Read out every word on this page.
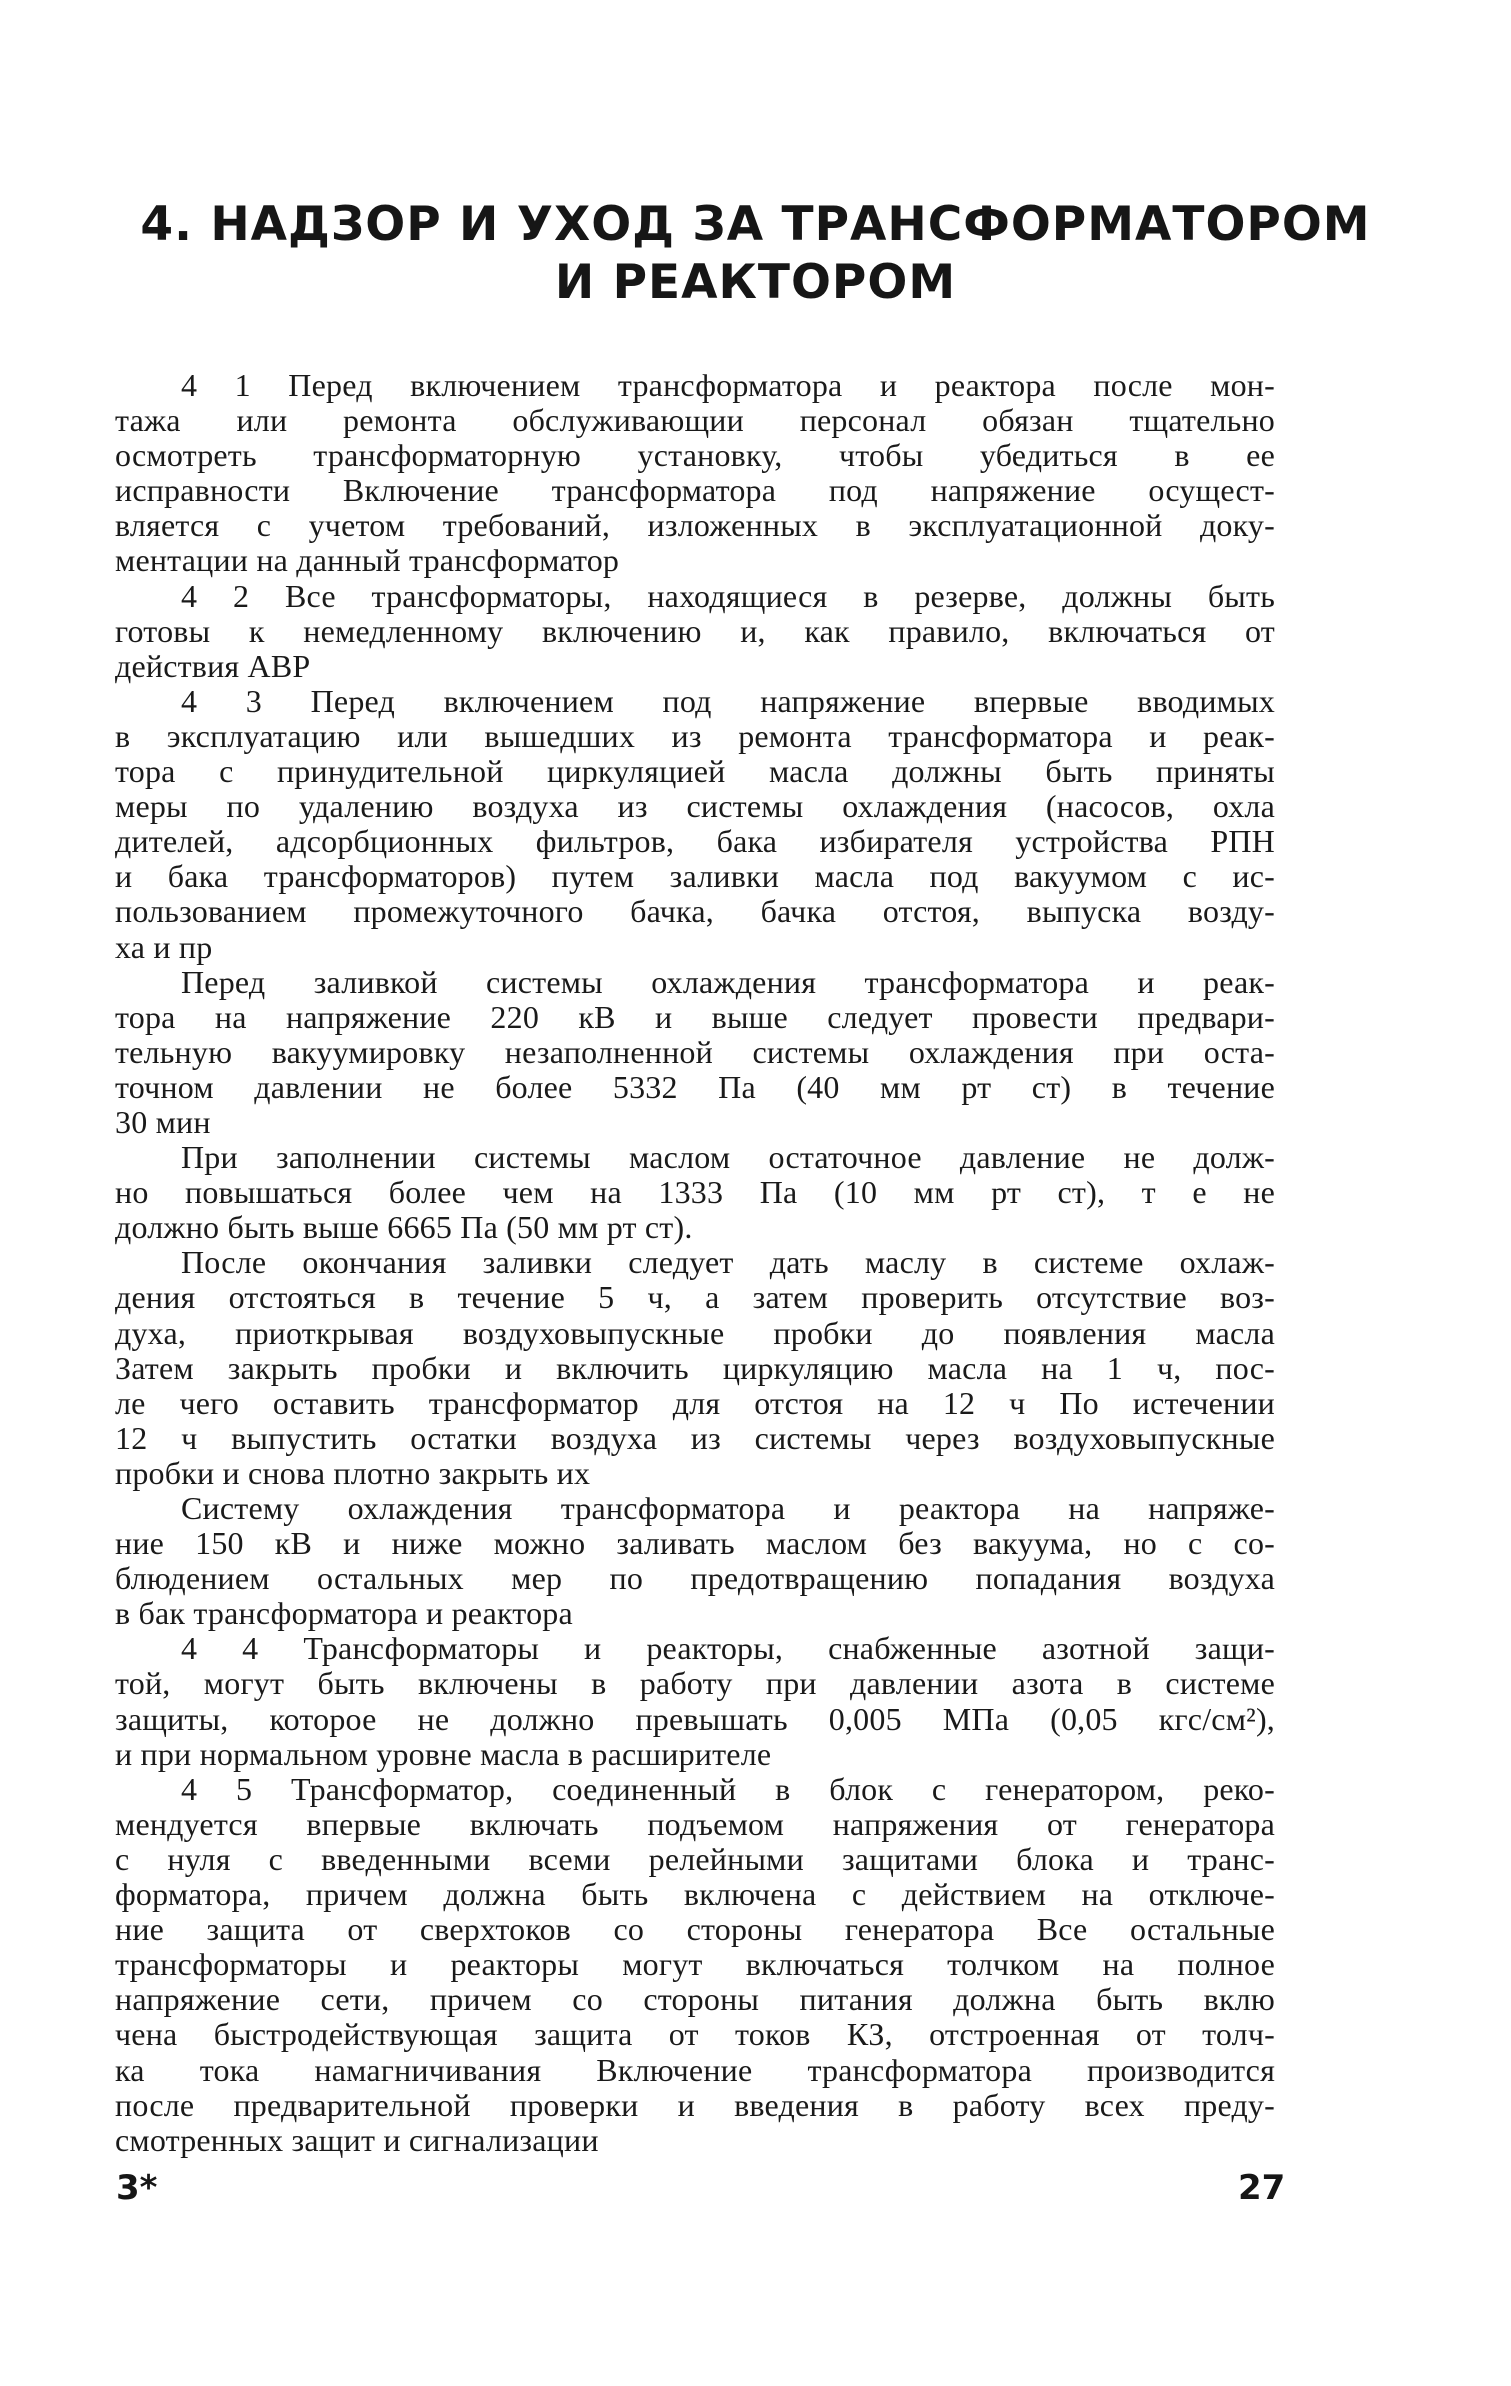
4. НАДЗОР И УХОД ЗА ТРАНСФОРМАТОРОМ
И РЕАКТОРОМ
4 1 Перед включением трансформатора и реактора после мон-
тажа или ремонта обслуживающии персонал обязан тщательно
осмотреть трансформаторную установку, чтобы убедиться в ее
исправности Включение трансформатора под напряжение осущест-
вляется с учетом требований, изложенных в эксплуатационной доку-
ментации на данный трансформатор
4 2 Все трансформаторы, находящиеся в резерве, должны быть
готовы к немедленному включению и, как правило, включаться от
действия АВР
4 3 Перед включением под напряжение впервые вводимых
в эксплуатацию или вышедших из ремонта трансформатора и реак-
тора с принудительной циркуляцией масла должны быть приняты
меры по удалению воздуха из системы охлаждения (насосов, охла
дителей, адсорбционных фильтров, бака избирателя устройства РПН
и бака трансформаторов) путем заливки масла под вакуумом с ис-
пользованием промежуточного бачка, бачка отстоя, выпуска возду-
ха и пр
Перед заливкой системы охлаждения трансформатора и реак-
тора на напряжение 220 кВ и выше следует провести предвари-
тельную вакуумировку незаполненной системы охлаждения при оста-
точном давлении не более 5332 Па (40 мм рт ст) в течение
30 мин
При заполнении системы маслом остаточное давление не долж-
но повышаться более чем на 1333 Па (10 мм рт ст), т е не
должно быть выше 6665 Па (50 мм рт ст).
После окончания заливки следует дать маслу в системе охлаж-
дения отстояться в течение 5 ч, а затем проверить отсутствие воз-
духа, приоткрывая воздуховыпускные пробки до появления масла
Затем закрыть пробки и включить циркуляцию масла на 1 ч, пос-
ле чего оставить трансформатор для отстоя на 12 ч По истечении
12 ч выпустить остатки воздуха из системы через воздуховыпускные
пробки и снова плотно закрыть их
Систему охлаждения трансформатора и реактора на напряже-
ние 150 кВ и ниже можно заливать маслом без вакуума, но с со-
блюдением остальных мер по предотвращению попадания воздуха
в бак трансформатора и реактора
4 4 Трансформаторы и реакторы, снабженные азотной защи-
той, могут быть включены в работу при давлении азота в системе
защиты, которое не должно превышать 0,005 МПа (0,05 кгс/см²),
и при нормальном уровне масла в расширителе
4 5 Трансформатор, соединенный в блок с генератором, реко-
мендуется впервые включать подъемом напряжения от генератора
с нуля с введенными всеми релейными защитами блока и транс-
форматора, причем должна быть включена с действием на отключе-
ние защита от сверхтоков со стороны генератора Все остальные
трансформаторы и реакторы могут включаться толчком на полное
напряжение сети, причем со стороны питания должна быть вклю
чена быстродействующая защита от токов КЗ, отстроенная от толч-
ка тока намагничивания Включение трансформатора производится
после предварительной проверки и введения в работу всех преду-
смотренных защит и сигнализации
3*	27
